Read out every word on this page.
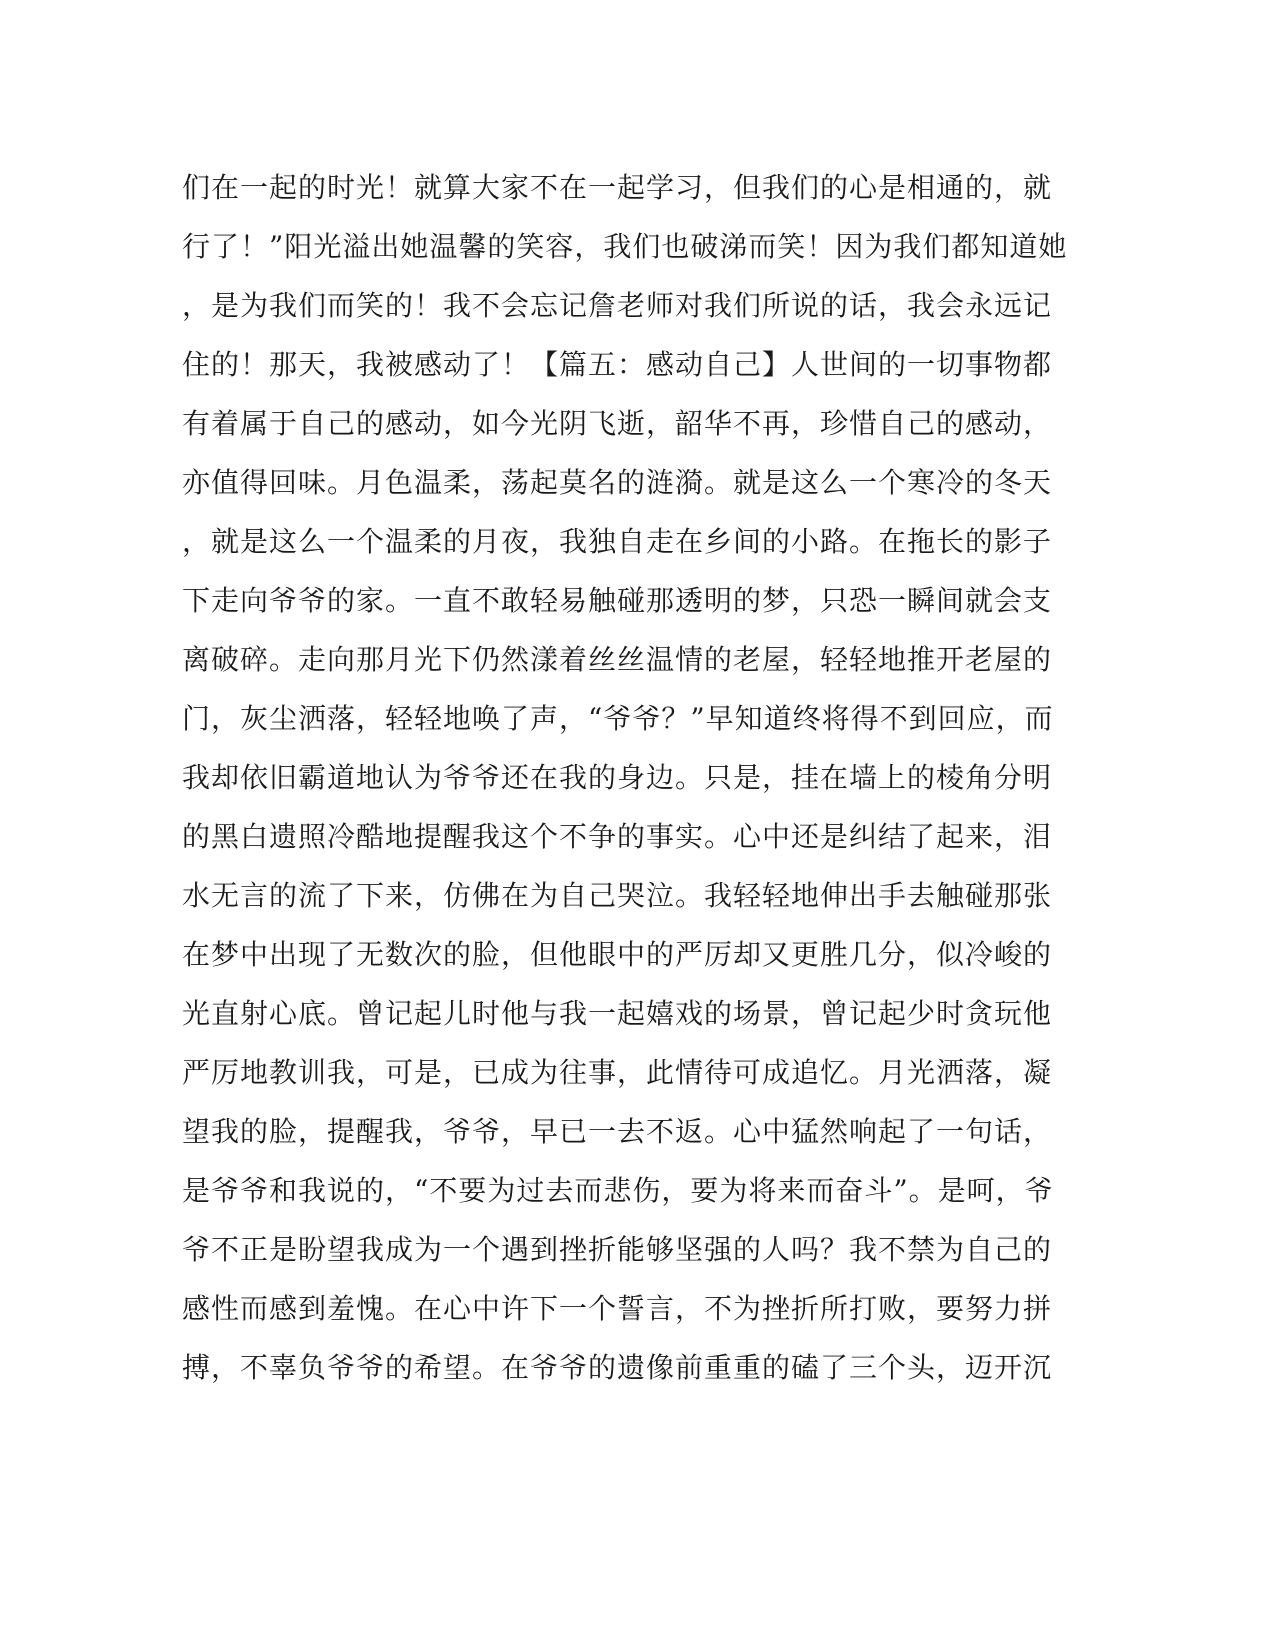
们在一起的时光！就算大家不在一起学习，但我们的心是相通的，就
行了！”阳光溢出她温馨的笑容，我们也破涕而笑！因为我们都知道她
，是为我们而笑的！我不会忘记詹老师对我们所说的话，我会永远记
住的！那天，我被感动了！【篇五：感动自己】人世间的一切事物都
有着属于自己的感动，如今光阴飞逝，韶华不再，珍惜自己的感动，
亦值得回味。月色温柔，荡起莫名的涟漪。就是这么一个寒冷的冬天
，就是这么一个温柔的月夜，我独自走在乡间的小路。在拖长的影子
下走向爷爷的家。一直不敢轻易触碰那透明的梦，只恐一瞬间就会支
离破碎。走向那月光下仍然漾着丝丝温情的老屋，轻轻地推开老屋的
门，灰尘洒落，轻轻地唤了声，“爷爷？”早知道终将得不到回应，而
我却依旧霸道地认为爷爷还在我的身边。只是，挂在墙上的棱角分明
的黑白遗照冷酷地提醒我这个不争的事实。心中还是纠结了起来，泪
水无言的流了下来，仿佛在为自己哭泣。我轻轻地伸出手去触碰那张
在梦中出现了无数次的脸，但他眼中的严厉却又更胜几分，似冷峻的
光直射心底。曾记起儿时他与我一起嬉戏的场景，曾记起少时贪玩他
严厉地教训我，可是，已成为往事，此情待可成追忆。月光洒落，凝
望我的脸，提醒我，爷爷，早已一去不返。心中猛然响起了一句话，
是爷爷和我说的，“不要为过去而悲伤，要为将来而奋斗”。是呵，爷
爷不正是盼望我成为一个遇到挫折能够坚强的人吗？我不禁为自己的
感性而感到羞愧。在心中许下一个誓言，不为挫折所打败，要努力拼
搏，不辜负爷爷的希望。在爷爷的遗像前重重的磕了三个头，迈开沉
